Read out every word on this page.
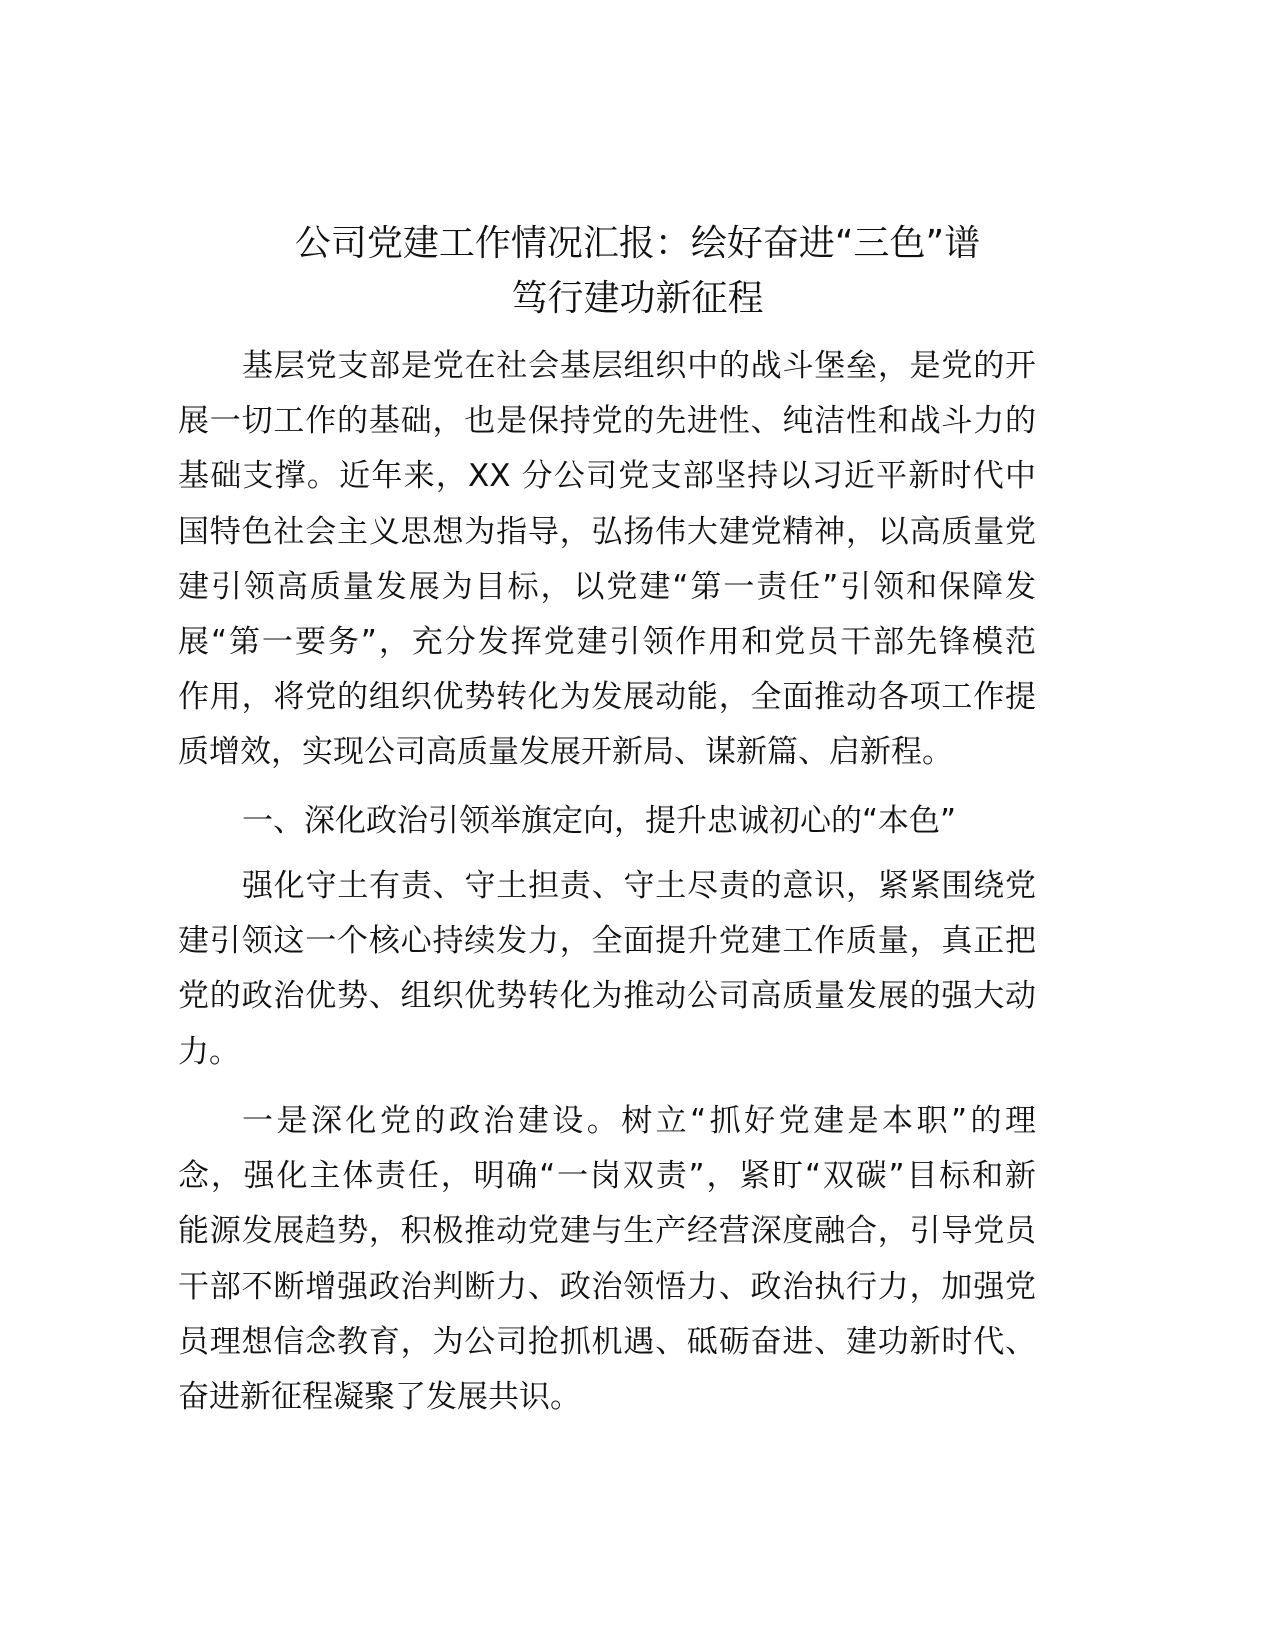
公司党建工作情况汇报：绘好奋进“三色”谱
笃行建功新征程
基层党支部是党在社会基层组织中的战斗堡垒，是党的开
展一切工作的基础，也是保持党的先进性、纯洁性和战斗力的
基础支撑。近年来，XX 分公司党支部坚持以习近平新时代中
国特色社会主义思想为指导，弘扬伟大建党精神，以高质量党
建引领高质量发展为目标，以党建“第一责任”引领和保障发
展“第一要务”，充分发挥党建引领作用和党员干部先锋模范
作用，将党的组织优势转化为发展动能，全面推动各项工作提
质增效，实现公司高质量发展开新局、谋新篇、启新程。
一、深化政治引领举旗定向，提升忠诚初心的“本色”
强化守土有责、守土担责、守土尽责的意识，紧紧围绕党
建引领这一个核心持续发力，全面提升党建工作质量，真正把
党的政治优势、组织优势转化为推动公司高质量发展的强大动
力。
一是深化党的政治建设。树立“抓好党建是本职”的理
念，强化主体责任，明确“一岗双责”，紧盯“双碳”目标和新
能源发展趋势，积极推动党建与生产经营深度融合，引导党员
干部不断增强政治判断力、政治领悟力、政治执行力，加强党
员理想信念教育，为公司抢抓机遇、砥砺奋进、建功新时代、
奋进新征程凝聚了发展共识。
